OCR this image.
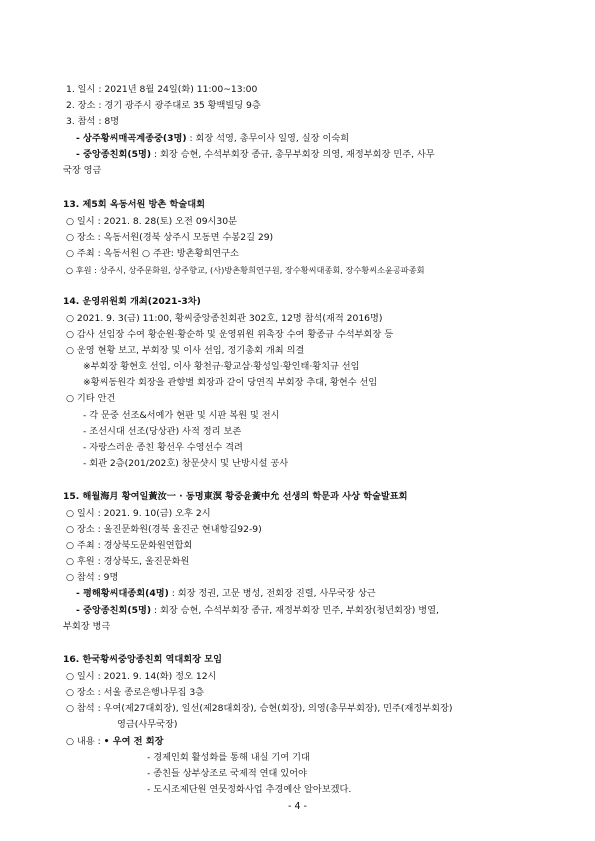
1. 일시 : 2021년 8월 24일(화) 11:00~13:00
2. 장소 : 경기 광주시 광주대로 35 황백빌딩 9층
3. 참석 : 8명
- 상주황씨매곡계종중(3명) : 회장 석영, 총무이사 일영, 실장 이숙희
- 중앙종친회(5명) : 회장 승현, 수석부회장 종규, 총무부회장 의영, 재정부회장 민주, 사무
국장 영금
13. 제5회 옥동서원 방촌 학술대회
○ 일시 : 2021. 8. 28(토) 오전 09시30분
○ 장소 : 옥동서원(경북 상주시 모동면 수봉2길 29)
○ 주최 : 옥동서원 ○ 주관: 방촌황희연구소
○ 후원 : 상주시, 상주문화원, 상주향교, (사)방촌황희연구원, 장수황씨대종회, 장수황씨소윤공파종회
14. 운영위원회 개최(2021-3차)
○ 2021. 9. 3(금) 11:00, 황씨중앙종친회관 302호, 12명 참석(재적 2016명)
○ 감사 선임장 수여 황순원·황순하 및 운영위원 위촉장 수여 황종규 수석부회장 등
○ 운영 현황 보고, 부회장 및 이사 선임, 정기총회 개최 의결
※부회장 황현호 선임, 이사 황천규·황교삼·황성일·황인태·황치규 선임
※황씨동원각 회장을 관향별 회장과 같이 당연직 부회장 추대, 황현수 선임
○ 기타 안건
- 각 문중 선조&서예가 현판 및 시판 복원 및 전시
- 조선시대 선조(당상관) 사적 정리 보존
- 자랑스러운 종친 황선우 수영선수 격려
- 회관 2층(201/202호) 창문샷시 및 난방시설 공사
15. 해월海月 황여일黃汝一 · 동명東溟 황중윤黃中允 선생의 학문과 사상 학술발표회
○ 일시 : 2021. 9. 10(금) 오후 2시
○ 장소 : 울진문화원(경북 울진군 현내항길92-9)
○ 주최 : 경상북도문화원연합회
○ 후원 : 경상북도, 울진문화원
○ 참석 : 9명
- 평해황씨대종회(4명) : 회장 정권, 고문 병성, 전회장 진렬, 사무국장 상근
- 중앙종친회(5명) : 회장 승현, 수석부회장 종규, 재정부회장 민주, 부회장(청년회장) 병열,
부회장 병극
16. 한국황씨중앙종친회 역대회장 모임
○ 일시 : 2021. 9. 14(화) 정오 12시
○ 장소 : 서울 종로은행나무집 3층
○ 참석 : 우여(제27대회장), 일선(제28대회장), 승현(회장), 의영(총무부회장), 민주(재정부회장)
영금(사무국장)
○ 내용 : • 우여 전 회장
- 경제인회 활성화를 통해 내실 기여 기대
- 종친들 상부상조로 국제적 연대 있어야
- 도시조제단원 연뭇정화사업 추경예산 알아보겠다.
- 4 -
